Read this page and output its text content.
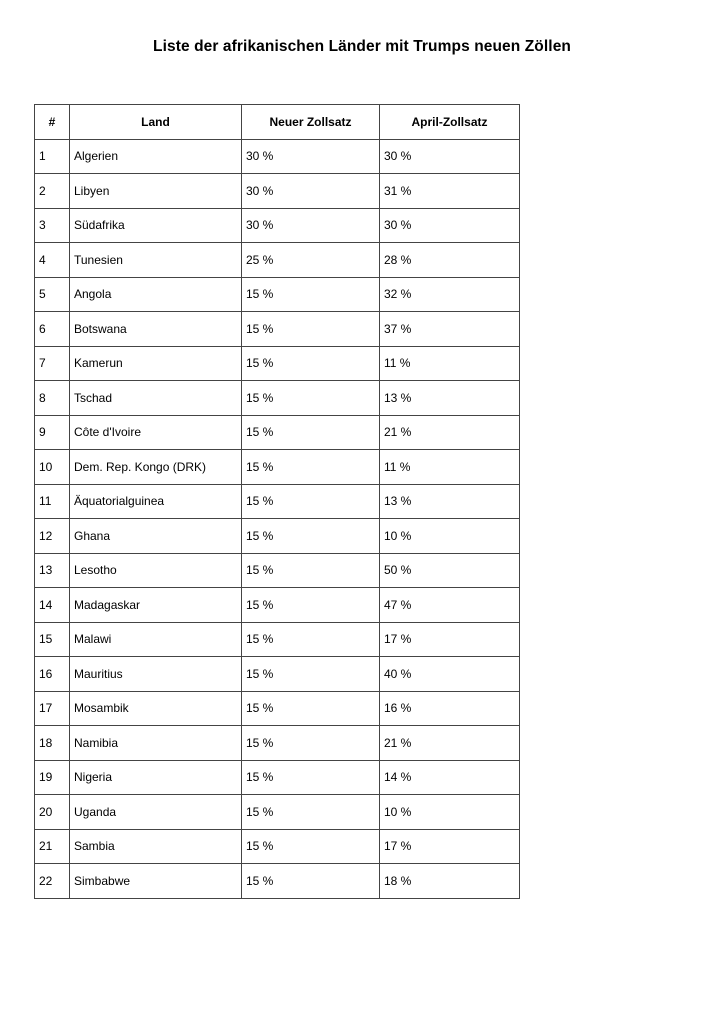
Liste der afrikanischen Länder mit Trumps neuen Zöllen
#	Land	Neuer Zollsatz	April-Zollsatz
1	Algerien	30 %	30 %
2	Libyen	30 %	31 %
3	Südafrika	30 %	30 %
4	Tunesien	25 %	28 %
5	Angola	15 %	32 %
6	Botswana	15 %	37 %
7	Kamerun	15 %	11 %
8	Tschad	15 %	13 %
9	Côte d'Ivoire	15 %	21 %
10	Dem. Rep. Kongo (DRK)	15 %	11 %
11	Äquatorialguinea	15 %	13 %
12	Ghana	15 %	10 %
13	Lesotho	15 %	50 %
14	Madagaskar	15 %	47 %
15	Malawi	15 %	17 %
16	Mauritius	15 %	40 %
17	Mosambik	15 %	16 %
18	Namibia	15 %	21 %
19	Nigeria	15 %	14 %
20	Uganda	15 %	10 %
21	Sambia	15 %	17 %
22	Simbabwe	15 %	18 %
